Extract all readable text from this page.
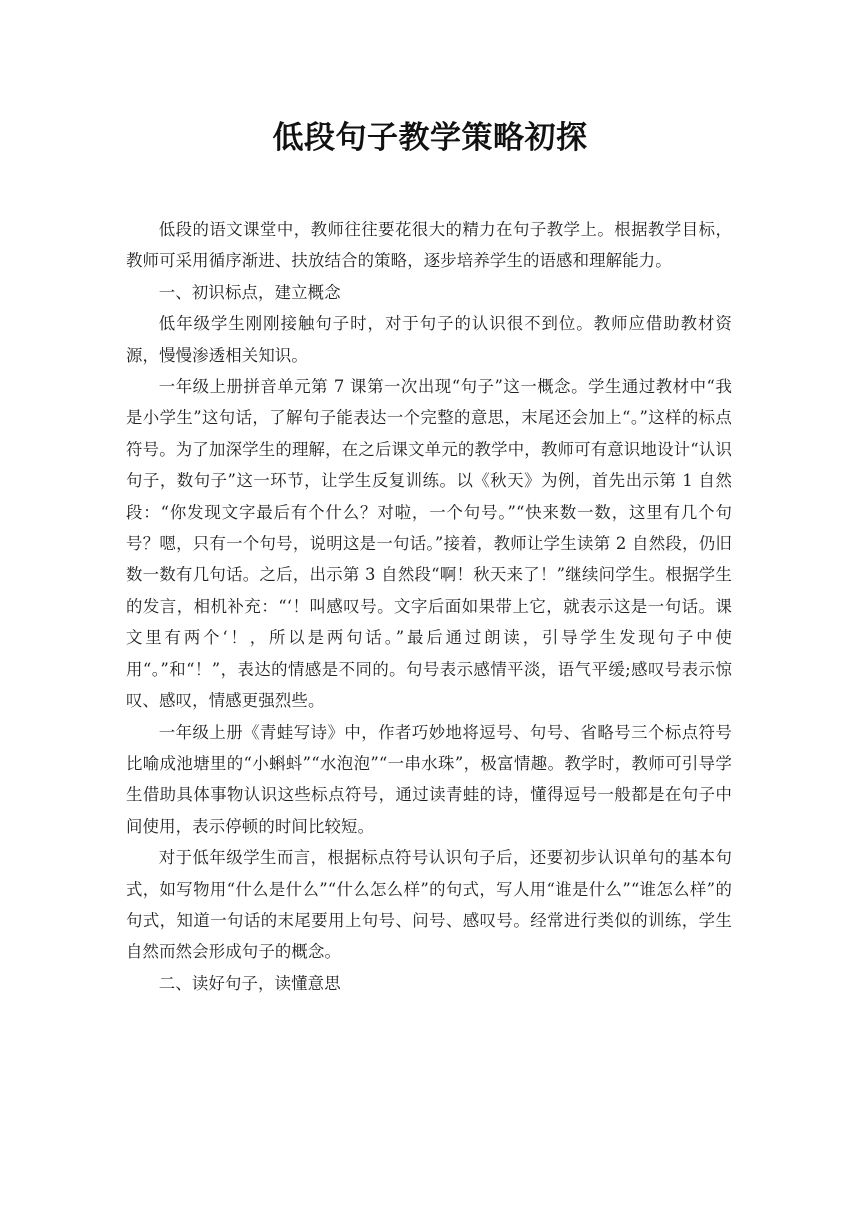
低段句子教学策略初探

低段的语文课堂中，教师往往要花很大的精力在句子教学上。根据教学目标，教师可采用循序渐进、扶放结合的策略，逐步培养学生的语感和理解能力。

一、初识标点，建立概念

低年级学生刚刚接触句子时，对于句子的认识很不到位。教师应借助教材资源，慢慢渗透相关知识。

一年级上册拼音单元第 7 课第一次出现“句子”这一概念。学生通过教材中“我是小学生”这句话，了解句子能表达一个完整的意思，末尾还会加上“。”这样的标点符号。为了加深学生的理解，在之后课文单元的教学中，教师可有意识地设计“认识句子，数句子”这一环节，让学生反复训练。以《秋天》为例，首先出示第 1 自然段：“你发现文字最后有个什么？对啦，一个句号。”“快来数一数，这里有几个句号？嗯，只有一个句号，说明这是一句话。”接着，教师让学生读第 2 自然段，仍旧数一数有几句话。之后，出示第 3 自然段“啊！秋天来了！”继续问学生。根据学生的发言，相机补充：“‘！叫感叹号。文字后面如果带上它，就表示这是一句话。课文里有两个‘！，所以是两句话。”最后通过朗读，引导学生发现句子中使用“。”和“！”，表达的情感是不同的。句号表示感情平淡，语气平缓;感叹号表示惊叹、感叹，情感更强烈些。

一年级上册《青蛙写诗》中，作者巧妙地将逗号、句号、省略号三个标点符号比喻成池塘里的“小蝌蚪”“水泡泡”“一串水珠”，极富情趣。教学时，教师可引导学生借助具体事物认识这些标点符号，通过读青蛙的诗，懂得逗号一般都是在句子中间使用，表示停顿的时间比较短。

对于低年级学生而言，根据标点符号认识句子后，还要初步认识单句的基本句式，如写物用“什么是什么”“什么怎么样”的句式，写人用“谁是什么”“谁怎么样”的句式，知道一句话的末尾要用上句号、问号、感叹号。经常进行类似的训练，学生自然而然会形成句子的概念。

二、读好句子，读懂意思
